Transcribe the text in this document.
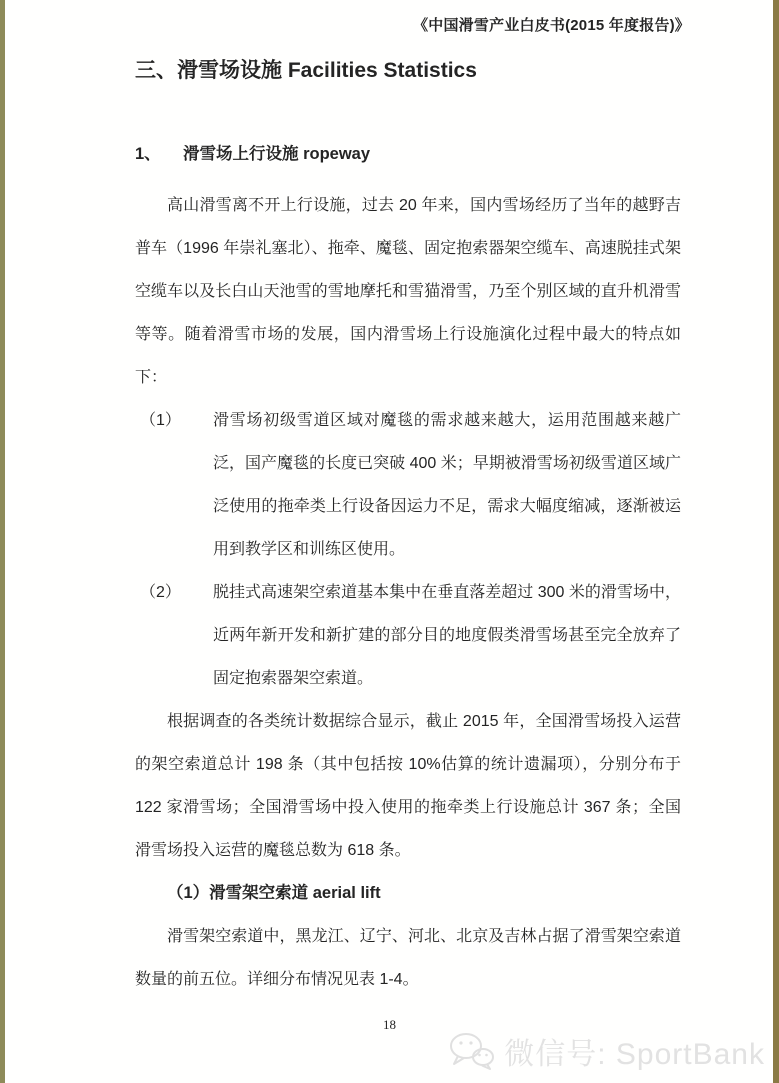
《中国滑雪产业白皮书(2015 年度报告)》
三、滑雪场设施 Facilities Statistics
1、 滑雪场上行设施 ropeway

高山滑雪离不开上行设施，过去 20 年来，国内雪场经历了当年的越野吉普车（1996 年崇礼塞北）、拖牵、魔毯、固定抱索器架空缆车、高速脱挂式架空缆车以及长白山天池雪的雪地摩托和雪猫滑雪，乃至个别区域的直升机滑雪等等。随着滑雪市场的发展，国内滑雪场上行设施演化过程中最大的特点如下：

（1） 滑雪场初级雪道区域对魔毯的需求越来越大，运用范围越来越广泛，国产魔毯的长度已突破 400 米；早期被滑雪场初级雪道区域广泛使用的拖牵类上行设备因运力不足，需求大幅度缩减，逐渐被运用到教学区和训练区使用。
（2） 脱挂式高速架空索道基本集中在垂直落差超过 300 米的滑雪场中，近两年新开发和新扩建的部分目的地度假类滑雪场甚至完全放弃了固定抱索器架空索道。

根据调查的各类统计数据综合显示，截止 2015 年，全国滑雪场投入运营的架空索道总计 198 条（其中包括按 10%估算的统计遗漏项），分别分布于 122 家滑雪场；全国滑雪场中投入使用的拖牵类上行设施总计 367 条；全国滑雪场投入运营的魔毯总数为 618 条。

（1）滑雪架空索道 aerial lift

滑雪架空索道中，黑龙江、辽宁、河北、北京及吉林占据了滑雪架空索道数量的前五位。详细分布情况见表 1-4。

18
微信号: SportBank
